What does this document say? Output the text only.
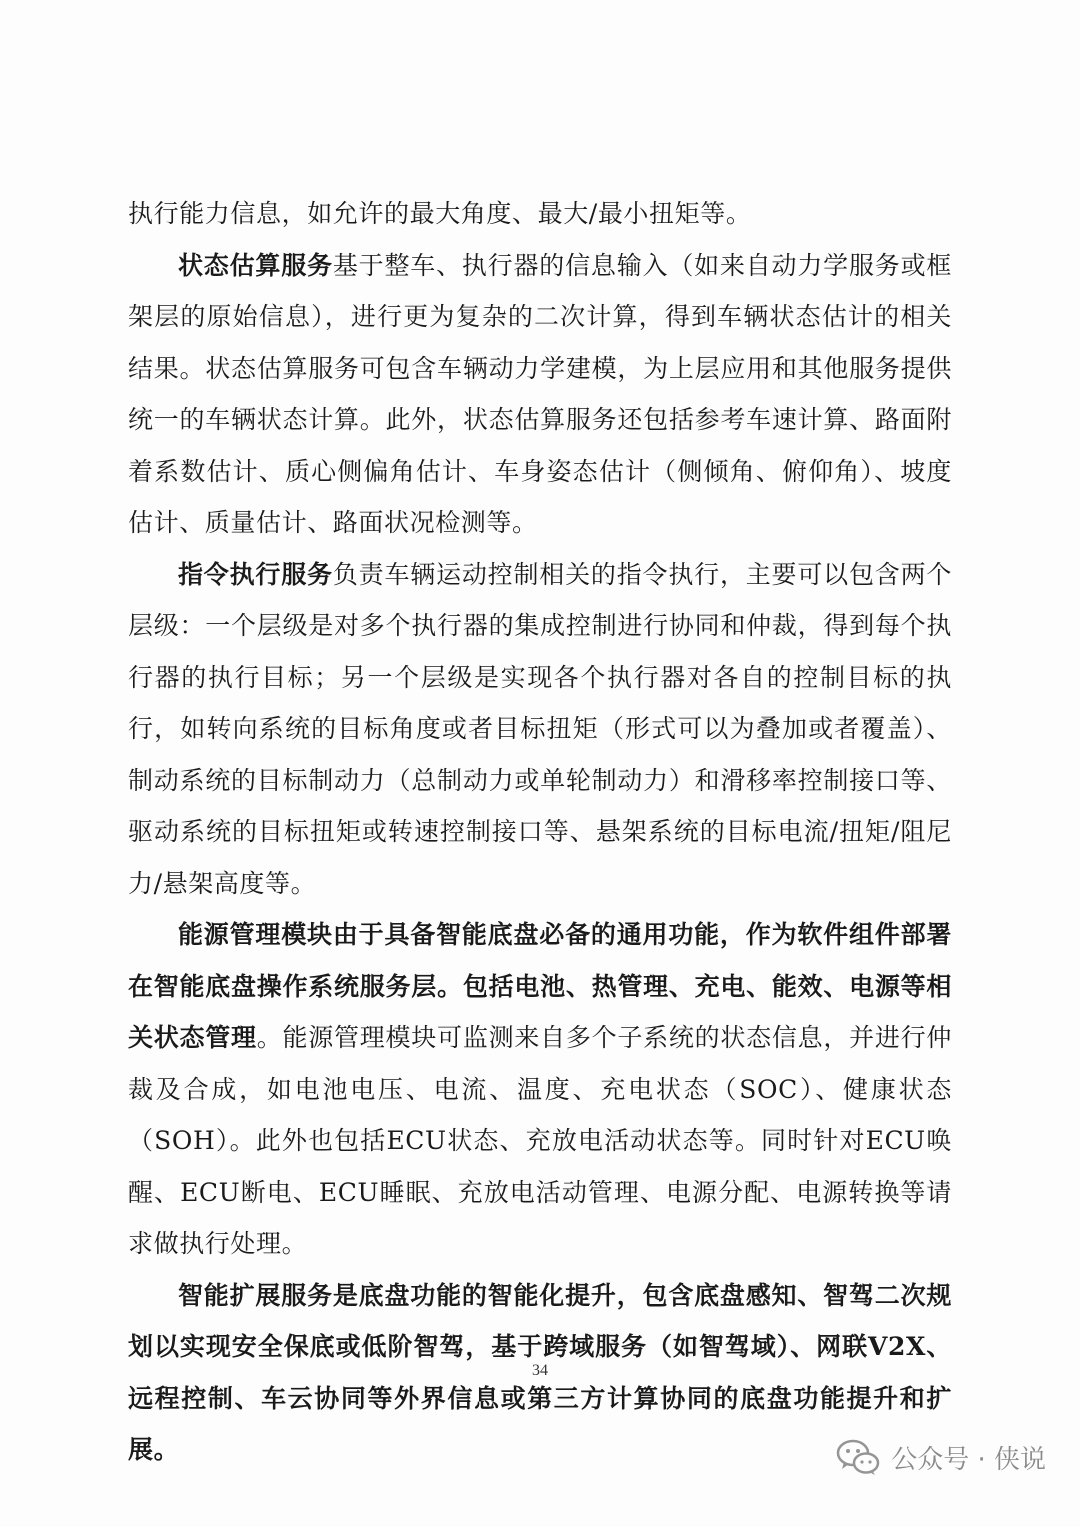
执行能力信息，如允许的最大角度、最大/最小扭矩等。

状态估算服务基于整车、执行器的信息输入（如来自动力学服务或框架层的原始信息），进行更为复杂的二次计算，得到车辆状态估计的相关结果。状态估算服务可包含车辆动力学建模，为上层应用和其他服务提供统一的车辆状态计算。此外，状态估算服务还包括参考车速计算、路面附着系数估计、质心侧偏角估计、车身姿态估计（侧倾角、俯仰角）、坡度估计、质量估计、路面状况检测等。

指令执行服务负责车辆运动控制相关的指令执行，主要可以包含两个层级：一个层级是对多个执行器的集成控制进行协同和仲裁，得到每个执行器的执行目标；另一个层级是实现各个执行器对各自的控制目标的执行，如转向系统的目标角度或者目标扭矩（形式可以为叠加或者覆盖）、制动系统的目标制动力（总制动力或单轮制动力）和滑移率控制接口等、驱动系统的目标扭矩或转速控制接口等、悬架系统的目标电流/扭矩/阻尼力/悬架高度等。

能源管理模块由于具备智能底盘必备的通用功能，作为软件组件部署在智能底盘操作系统服务层。包括电池、热管理、充电、能效、电源等相关状态管理。能源管理模块可监测来自多个子系统的状态信息，并进行仲裁及合成，如电池电压、电流、温度、充电状态（SOC）、健康状态（SOH）。此外也包括ECU状态、充放电活动状态等。同时针对ECU唤醒、ECU断电、ECU睡眠、充放电活动管理、电源分配、电源转换等请求做执行处理。

智能扩展服务是底盘功能的智能化提升，包含底盘感知、智驾二次规划以实现安全保底或低阶智驾，基于跨域服务（如智驾域）、网联V2X、远程控制、车云协同等外界信息或第三方计算协同的底盘功能提升和扩展。

34
公众号 · 侠说
